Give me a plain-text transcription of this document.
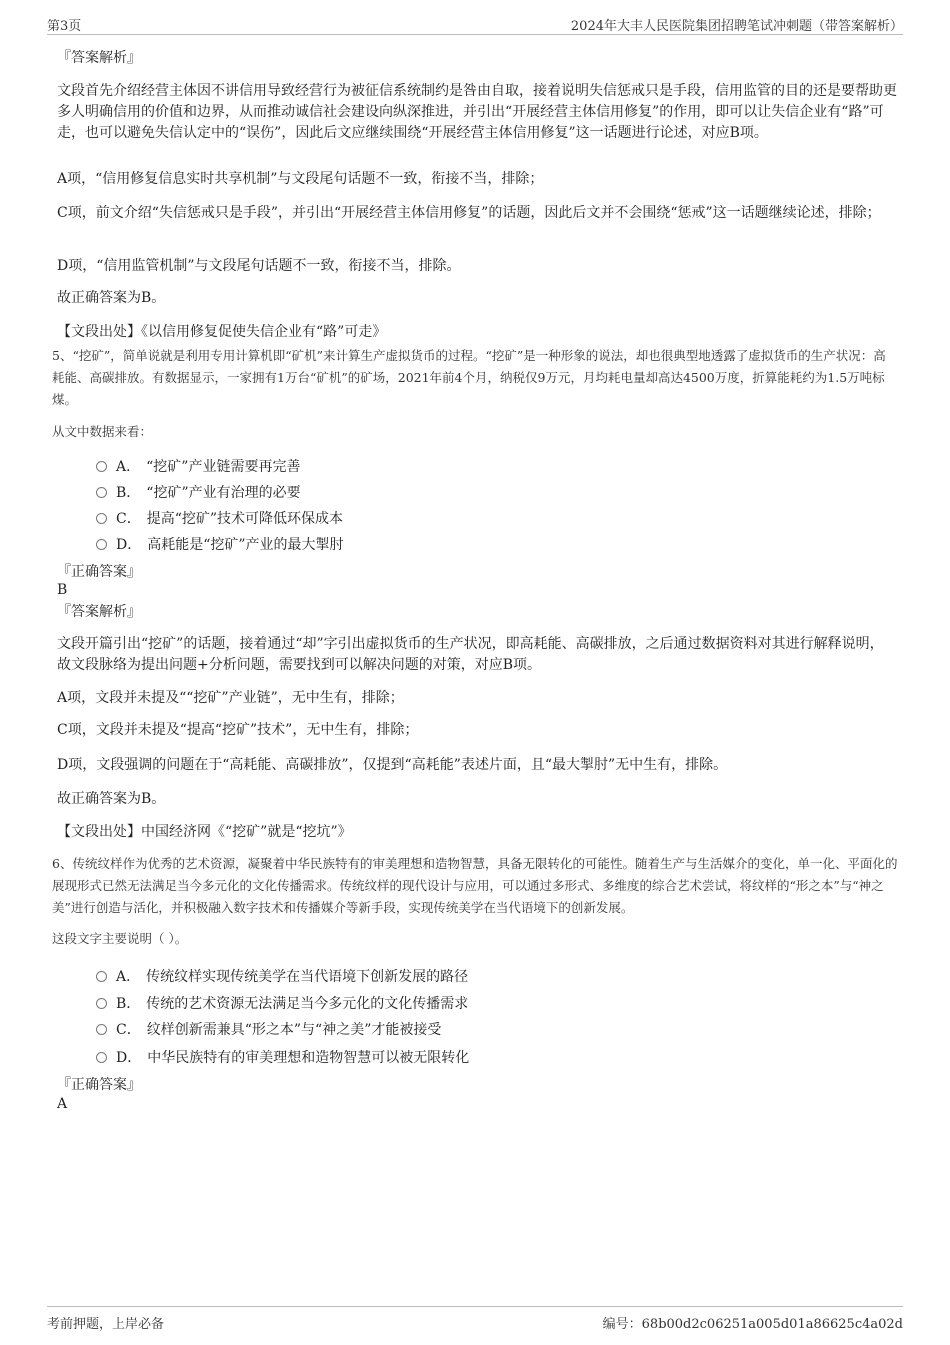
第3页	2024年大丰人民医院集团招聘笔试冲刺题（带答案解析）
『答案解析』
文段首先介绍经营主体因不讲信用导致经营行为被征信系统制约是咎由自取，接着说明失信惩戒只是手段，信用监管的目的还是要帮助更多人明确信用的价值和边界，从而推动诚信社会建设向纵深推进，并引出“开展经营主体信用修复”的作用，即可以让失信企业有“路”可走，也可以避免失信认定中的“误伤”，因此后文应继续围绕“开展经营主体信用修复”这一话题进行论述，对应B项。
A项，“信用修复信息实时共享机制”与文段尾句话题不一致，衔接不当，排除；
C项，前文介绍“失信惩戒只是手段”，并引出“开展经营主体信用修复”的话题，因此后文并不会围绕“惩戒”这一话题继续论述，排除；
D项，“信用监管机制”与文段尾句话题不一致，衔接不当，排除。
故正确答案为B。
【文段出处】《以信用修复促使失信企业有“路”可走》
5、“挖矿”，简单说就是利用专用计算机即“矿机”来计算生产虚拟货币的过程。“挖矿”是一种形象的说法，却也很典型地透露了虚拟货币的生产状况：高耗能、高碳排放。有数据显示，一家拥有1万台“矿机”的矿场，2021年前4个月，纳税仅9万元，月均耗电量却高达4500万度，折算能耗约为1.5万吨标煤。
从文中数据来看：
A． “挖矿”产业链需要再完善
B． “挖矿”产业有治理的必要
C． 提高“挖矿”技术可降低环保成本
D． 高耗能是“挖矿”产业的最大掣肘
『正确答案』
B
『答案解析』
文段开篇引出“挖矿”的话题，接着通过“却”字引出虚拟货币的生产状况，即高耗能、高碳排放，之后通过数据资料对其进行解释说明，故文段脉络为提出问题+分析问题，需要找到可以解决问题的对策，对应B项。
A项，文段并未提及““挖矿”产业链”，无中生有，排除；
C项，文段并未提及“提高“挖矿”技术”，无中生有，排除；
D项，文段强调的问题在于“高耗能、高碳排放”，仅提到“高耗能”表述片面，且“最大掣肘”无中生有，排除。
故正确答案为B。
【文段出处】中国经济网《“挖矿”就是“挖坑”》
6、传统纹样作为优秀的艺术资源，凝聚着中华民族特有的审美理想和造物智慧，具备无限转化的可能性。随着生产与生活媒介的变化，单一化、平面化的展现形式已然无法满足当今多元化的文化传播需求。传统纹样的现代设计与应用，可以通过多形式、多维度的综合艺术尝试，将纹样的“形之本”与“神之美”进行创造与活化，并积极融入数字技术和传播媒介等新手段，实现传统美学在当代语境下的创新发展。
这段文字主要说明（ ）。
A． 传统纹样实现传统美学在当代语境下创新发展的路径
B． 传统的艺术资源无法满足当今多元化的文化传播需求
C． 纹样创新需兼具“形之本”与“神之美”才能被接受
D． 中华民族特有的审美理想和造物智慧可以被无限转化
『正确答案』
A
考前押题，上岸必备	编号：68b00d2c06251a005d01a86625c4a02d
